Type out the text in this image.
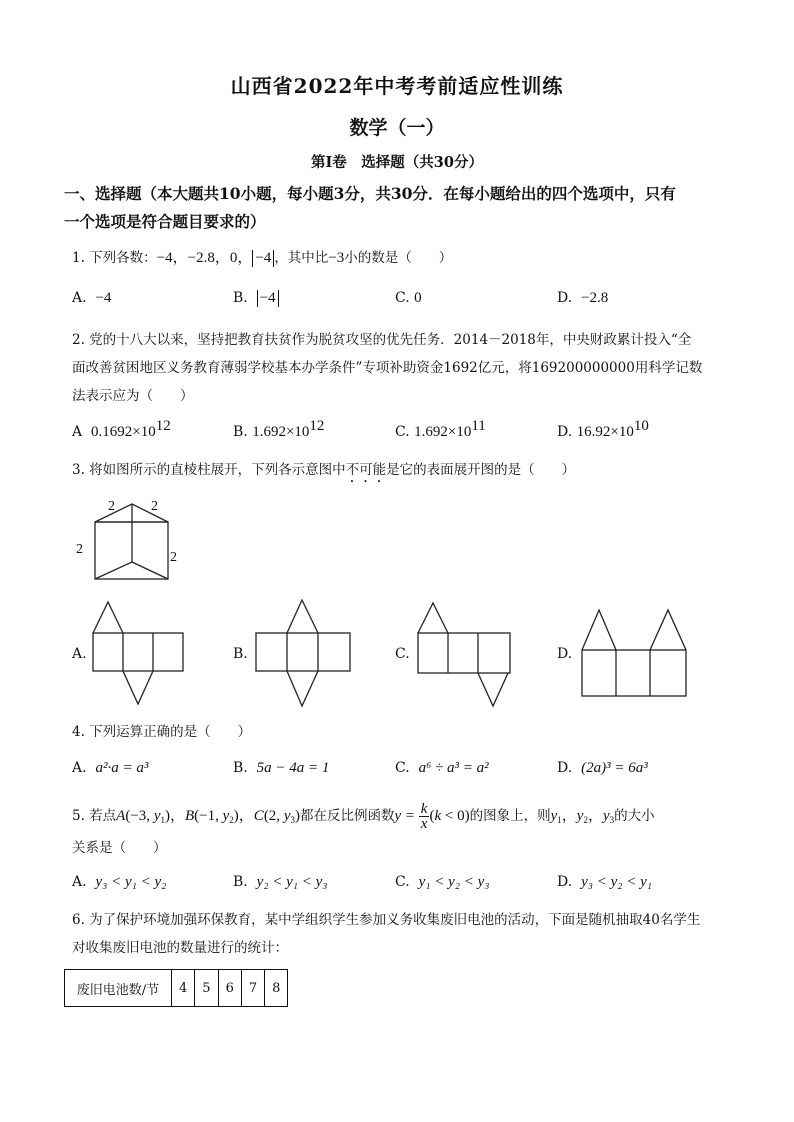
山西省2022年中考考前适应性训练
数学（一）
第Ⅰ卷　选择题（共30分）
一、选择题（本大题共10小题，每小题3分，共30分．在每小题给出的四个选项中，只有
一个选项是符合题目要求的）
1. 下列各数：−4，−2.8，0， −4 ，其中比−3小的数是（　　）
A. −4	B. −4	C. 0	D. −2.8
2. 党的十八大以来，坚持把教育扶贫作为脱贫攻坚的优先任务．2014－2018年，中央财政累计投入“全
面改善贫困地区义务教育薄弱学校基本办学条件”专项补助资金1692亿元，将169200000000用科学记数
法表示应为（　　）
A $0.1692\times 10^{12}$	B. $1.692\times 10^{12}$	C. $1.692\times 10^{11}$	D. $16.92\times 10^{10}$
3. 将如图所示的直棱柱展开，下列各示意图中不可能是它的表面展开图的是（　　）
2	2
2
2
A.	B.	C.	D.
4. 下列运算正确的是（　　）
A. a²·a = a³	B. 5a − 4a = 1	C. a⁶ ÷ a³ = a²	D. (2a)³ = 6a³
5. 若点 A(−3, $y_1$)，B(−1, $y_2$)，C(2, $y_3$) 都在反比例函数 $y = \frac{k}{x} (k < 0)$ 的图象上，则 $y_1$，$y_2$，$y_3$ 的大小
关系是（　　）
A. y₃ < y₁ < y₂	B. y₂ < y₁ < y₃	C. y₁ < y₂ < y₃	D. y₃ < y₂ < y₁
6. 为了保护环境加强环保教育，某中学组织学生参加义务收集废旧电池的活动，下面是随机抽取40名学生
对收集废旧电池的数量进行的统计：
废旧电池数/节	4	5	6	7	8
